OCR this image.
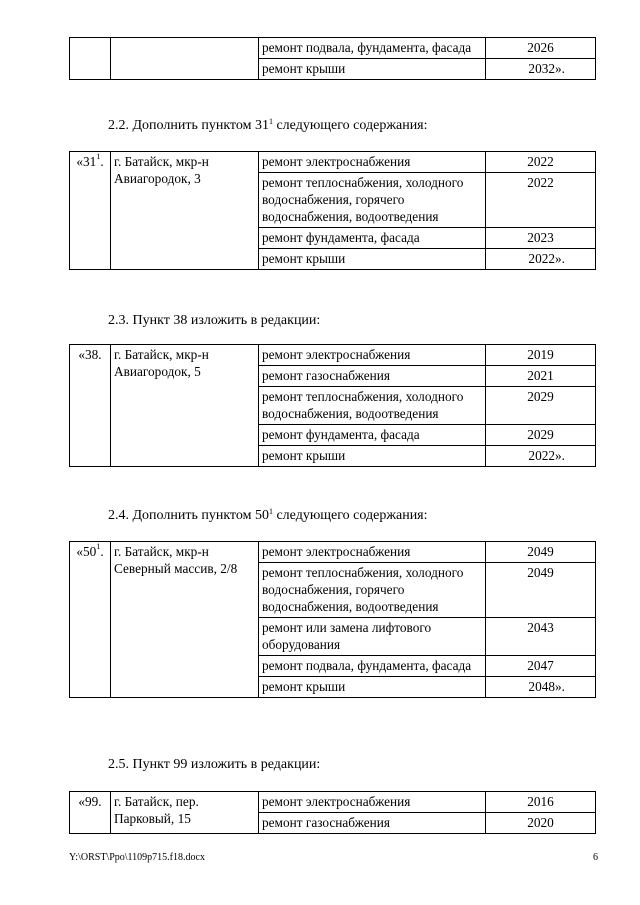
		ремонт подвала, фундамента, фасада	2026
		ремонт крыши	2032».
2.2. Дополнить пунктом $31^1$ следующего содержания:
«$31^1$.	г. Батайск, мкр-н Авиагородок, 3	ремонт электроснабжения	2022
		ремонт теплоснабжения, холодного водоснабжения, горячего водоснабжения, водоотведения	2022
		ремонт фундамента, фасада	2023
		ремонт крыши	2022».
2.3. Пункт 38 изложить в редакции:
«38.	г. Батайск, мкр-н Авиагородок, 5	ремонт электроснабжения	2019
		ремонт газоснабжения	2021
		ремонт теплоснабжения, холодного водоснабжения, водоотведения	2029
		ремонт фундамента, фасада	2029
		ремонт крыши	2022».
2.4. Дополнить пунктом $50^1$ следующего содержания:
«$50^1$.	г. Батайск, мкр-н Северный массив, 2/8	ремонт электроснабжения	2049
		ремонт теплоснабжения, холодного водоснабжения, горячего водоснабжения, водоотведения	2049
		ремонт или замена лифтового оборудования	2043
		ремонт подвала, фундамента, фасада	2047
		ремонт крыши	2048».
2.5. Пункт 99 изложить в редакции:
«99.	г. Батайск, пер. Парковый, 15	ремонт электроснабжения	2016
		ремонт газоснабжения	2020
Y:\ORST\Ppo\1109p715.f18.docx	6
